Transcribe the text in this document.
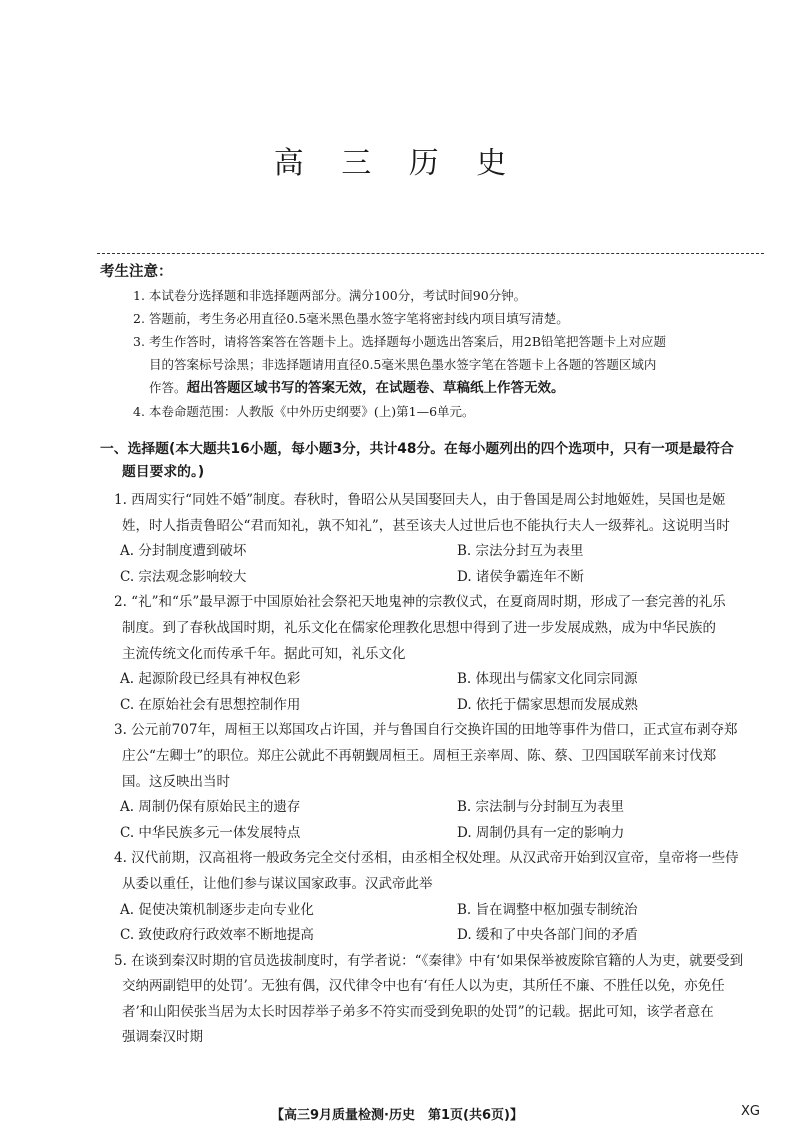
高 三 历 史
考生注意：
1. 本试卷分选择题和非选择题两部分。满分100分，考试时间90分钟。
2. 答题前，考生务必用直径0.5毫米黑色墨水签字笔将密封线内项目填写清楚。
3. 考生作答时，请将答案答在答题卡上。选择题每小题选出答案后，用2B铅笔把答题卡上对应题
目的答案标号涂黑；非选择题请用直径0.5毫米黑色墨水签字笔在答题卡上各题的答题区域内
作答。超出答题区域书写的答案无效，在试题卷、草稿纸上作答无效。
4. 本卷命题范围：人教版《中外历史纲要》(上)第1—6单元。
一、选择题(本大题共16小题，每小题3分，共计48分。在每小题列出的四个选项中，只有一项是最符合
题目要求的。)

1. 西周实行“同姓不婚”制度。春秋时，鲁昭公从吴国娶回夫人，由于鲁国是周公封地姬姓，吴国也是姬
姓，时人指责鲁昭公“君而知礼，孰不知礼”，甚至该夫人过世后也不能执行夫人一级葬礼。这说明当时

A. 分封制度遭到破坏	B. 宗法分封互为表里
C. 宗法观念影响较大	D. 诸侯争霸连年不断

2. “礼”和“乐”最早源于中国原始社会祭祀天地鬼神的宗教仪式，在夏商周时期，形成了一套完善的礼乐
制度。到了春秋战国时期，礼乐文化在儒家伦理教化思想中得到了进一步发展成熟，成为中华民族的
主流传统文化而传承千年。据此可知，礼乐文化

A. 起源阶段已经具有神权色彩	B. 体现出与儒家文化同宗同源
C. 在原始社会有思想控制作用	D. 依托于儒家思想而发展成熟

3. 公元前707年，周桓王以郑国攻占许国，并与鲁国自行交换许国的田地等事件为借口，正式宣布剥夺郑
庄公“左卿士”的职位。郑庄公就此不再朝觐周桓王。周桓王亲率周、陈、蔡、卫四国联军前来讨伐郑
国。这反映出当时

A. 周制仍保有原始民主的遗存	B. 宗法制与分封制互为表里
C. 中华民族多元一体发展特点	D. 周制仍具有一定的影响力

4. 汉代前期，汉高祖将一般政务完全交付丞相，由丞相全权处理。从汉武帝开始到汉宣帝，皇帝将一些侍
从委以重任，让他们参与谋议国家政事。汉武帝此举

A. 促使决策机制逐步走向专业化	B. 旨在调整中枢加强专制统治
C. 致使政府行政效率不断地提高	D. 缓和了中央各部门间的矛盾

5. 在谈到秦汉时期的官员选拔制度时，有学者说：“《秦律》中有‘如果保举被废除官籍的人为吏，就要受到
交纳两副铠甲的处罚’。无独有偶，汉代律令中也有‘有任人以为吏，其所任不廉、不胜任以免，亦免任
者’和山阳侯张当居为太长时因荐举子弟多不符实而受到免职的处罚”的记载。据此可知，该学者意在
强调秦汉时期

【高三9月质量检测·历史　第1页(共6页)】	XG
